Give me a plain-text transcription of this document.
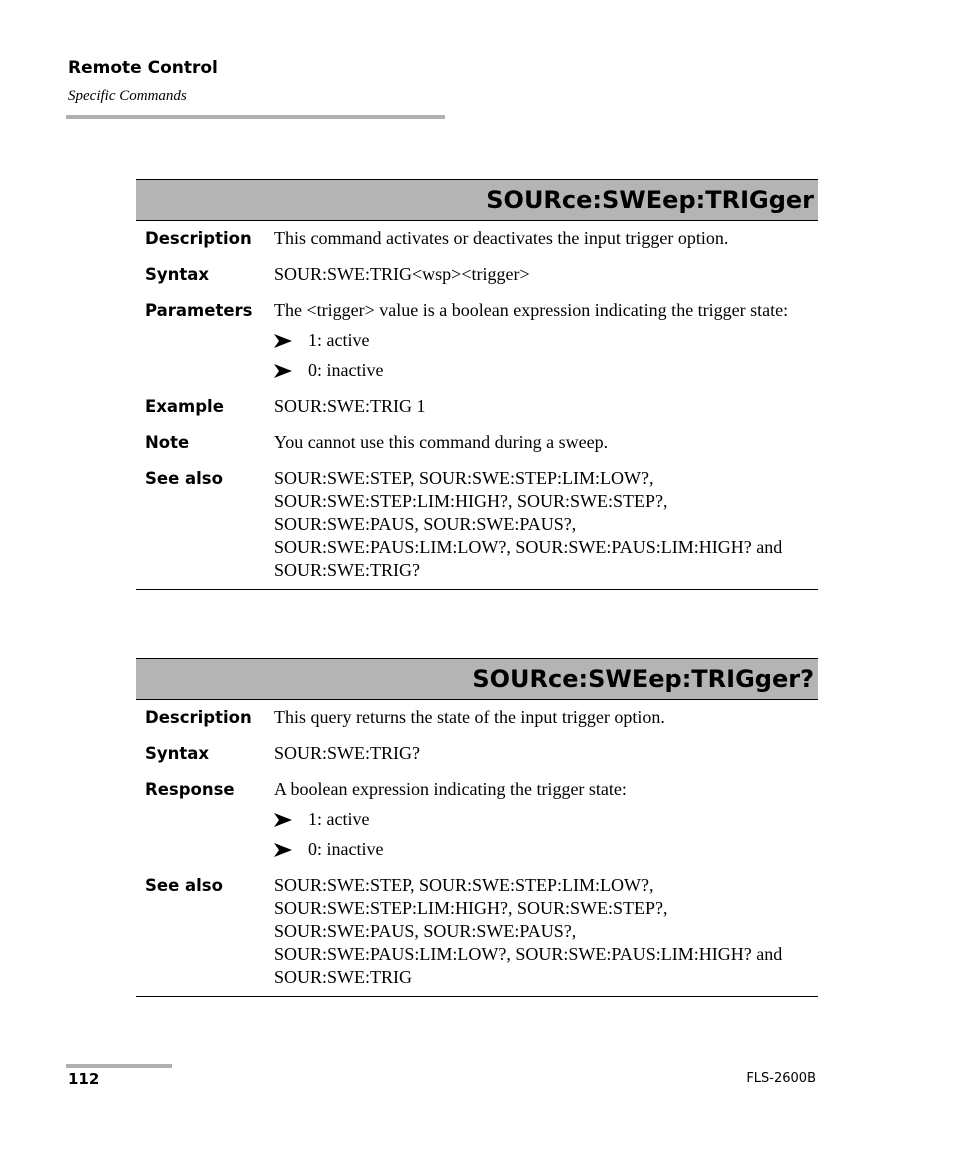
Remote Control
Specific Commands
SOURce:SWEep:TRIGger
Description	This command activates or deactivates the input trigger option.
Syntax	SOUR:SWE:TRIG<wsp><trigger>
Parameters	The <trigger> value is a boolean expression indicating the trigger state:
1: active
0: inactive
Example	SOUR:SWE:TRIG 1
Note	You cannot use this command during a sweep.
See also	SOUR:SWE:STEP, SOUR:SWE:STEP:LIM:LOW?, SOUR:SWE:STEP:LIM:HIGH?, SOUR:SWE:STEP?, SOUR:SWE:PAUS, SOUR:SWE:PAUS?, SOUR:SWE:PAUS:LIM:LOW?, SOUR:SWE:PAUS:LIM:HIGH? and SOUR:SWE:TRIG?
SOURce:SWEep:TRIGger?
Description	This query returns the state of the input trigger option.
Syntax	SOUR:SWE:TRIG?
Response	A boolean expression indicating the trigger state:
1: active
0: inactive
See also	SOUR:SWE:STEP, SOUR:SWE:STEP:LIM:LOW?, SOUR:SWE:STEP:LIM:HIGH?, SOUR:SWE:STEP?, SOUR:SWE:PAUS, SOUR:SWE:PAUS?, SOUR:SWE:PAUS:LIM:LOW?, SOUR:SWE:PAUS:LIM:HIGH? and SOUR:SWE:TRIG
112	FLS-2600B
